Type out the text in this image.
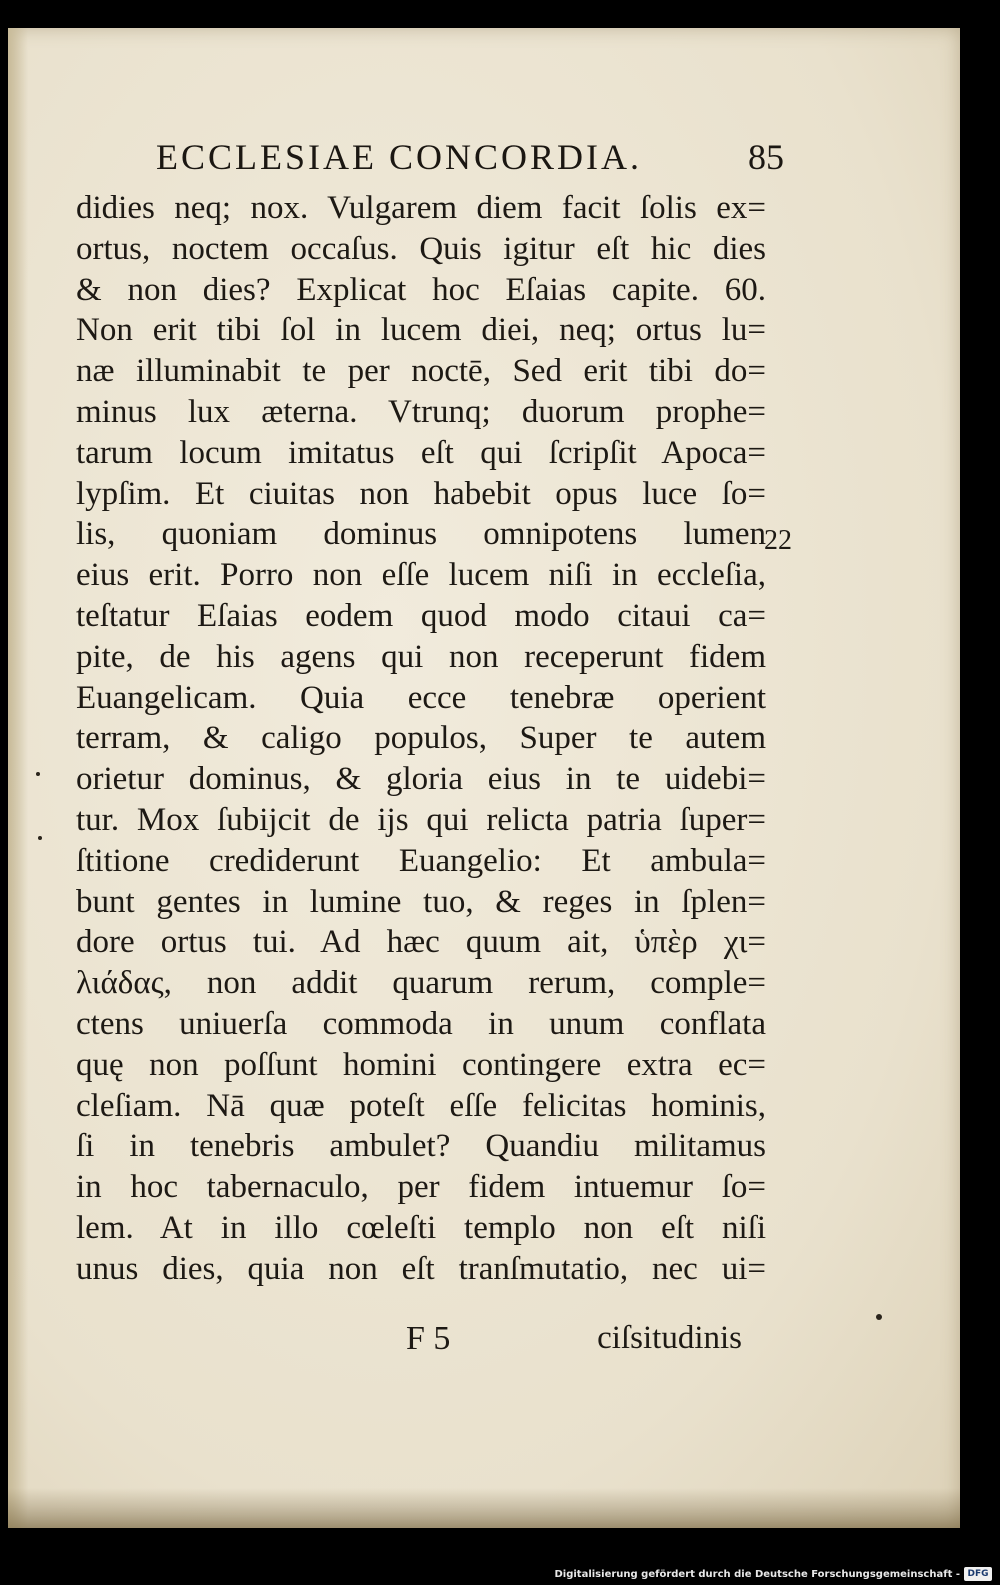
ECCLESIAE CONCORDIA.	85
didies neq; nox. Vulgarem diem facit ſolis ex=
ortus, noctem occaſus. Quis igitur eſt hic dies
& non dies? Explicat hoc Eſaias capite. 60.
Non erit tibi ſol in lucem diei, neq; ortus lu=
næ illuminabit te per noctē, Sed erit tibi do=
minus lux æterna. Vtrunq; duorum prophe=
tarum locum imitatus eſt qui ſcripſit Apoca=
lypſim. Et ciuitas non habebit opus luce ſo=
lis, quoniam dominus omnipotens lumen
eius erit. Porro non eſſe lucem niſi in eccleſia,
teſtatur Eſaias eodem quod modo citaui ca=
pite, de his agens qui non receperunt fidem
Euangelicam. Quia ecce tenebræ operient
terram, & caligo populos, Super te autem
orietur dominus, & gloria eius in te uidebi=
tur. Mox ſubijcit de ijs qui relicta patria ſuper=
ſtitione crediderunt Euangelio: Et ambula=
bunt gentes in lumine tuo, & reges in ſplen=
dore ortus tui. Ad hæc quum ait, ὑπὲρ χι=
λιάδας, non addit quarum rerum, comple=
ctens uniuerſa commoda in unum conflata
quę non poſſunt homini contingere extra ec=
cleſiam. Nā quæ poteſt eſſe felicitas hominis,
ſi in tenebris ambulet? Quandiu militamus
in hoc tabernaculo, per fidem intuemur ſo=
lem. At in illo cœleſti templo non eſt niſi
unus dies, quia non eſt tranſmutatio, nec ui=
22
F 5	ciſsitudinis
Digitalisierung gefördert durch die Deutsche Forschungsgemeinschaft - DFG
